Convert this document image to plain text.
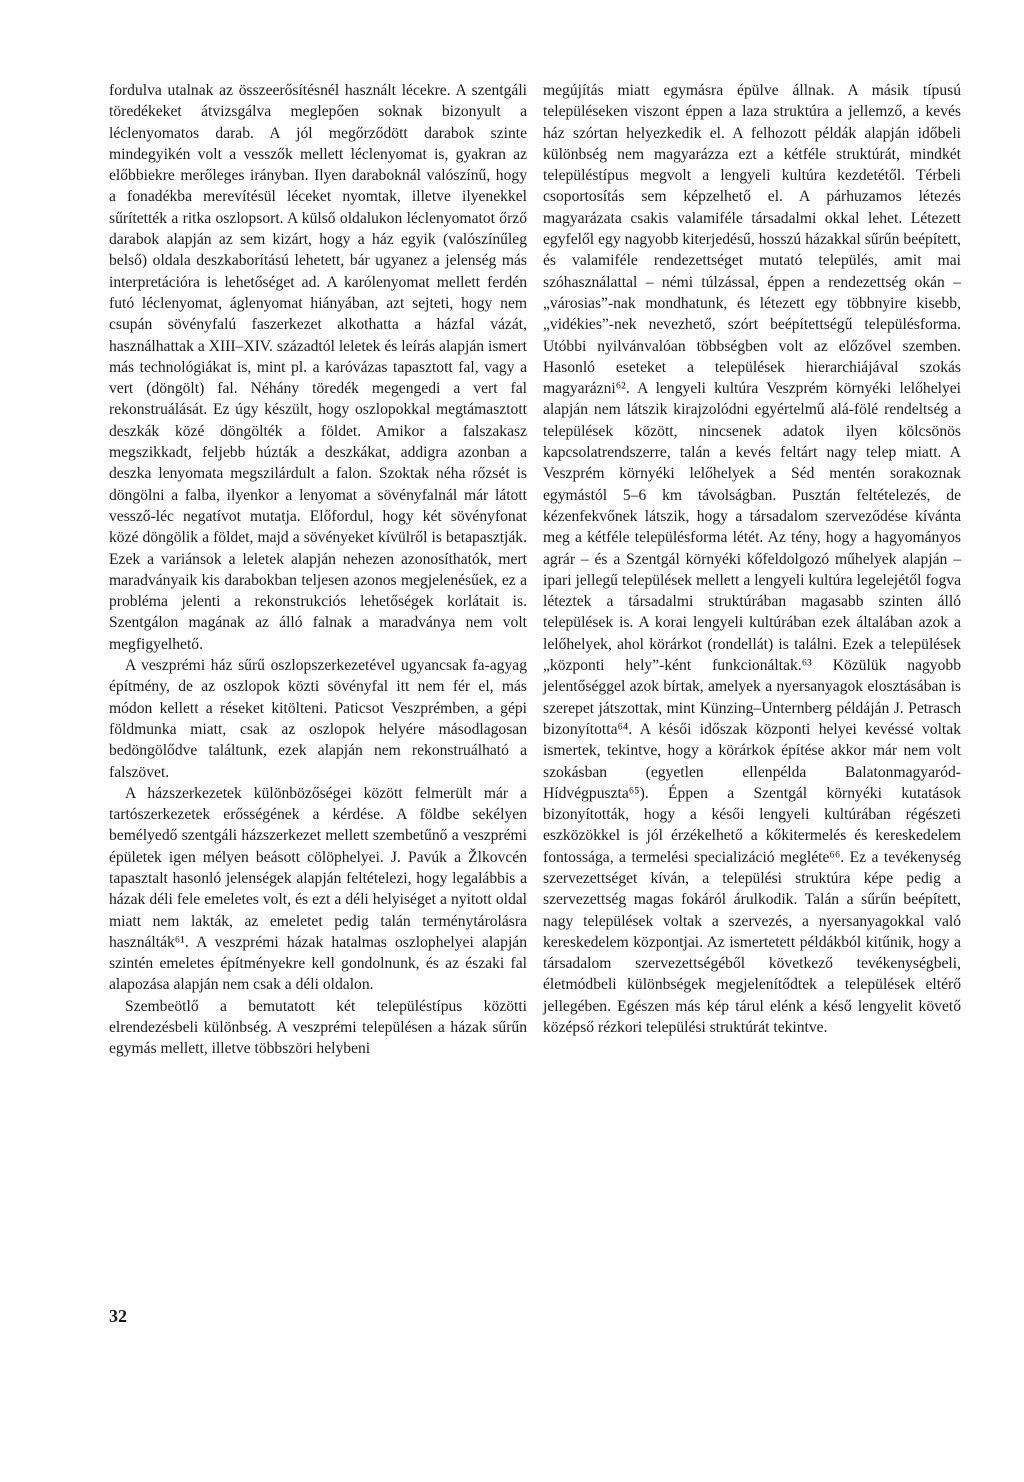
fordulva utalnak az összeerősítésnél használt lécekre. A szentgáli töredékeket átvizsgálva meglepően soknak bizonyult a léclenyomatos darab. A jól megőrződött darabok szinte mindegyikén volt a vesszők mellett léclenyomat is, gyakran az előbbiekre merőleges irányban. Ilyen daraboknál valószínű, hogy a fonadékba merevítésül léceket nyomtak, illetve ilyenekkel sűrítették a ritka oszlopsort. A külső oldalukon léclenyomatot őrző darabok alapján az sem kizárt, hogy a ház egyik (valószínűleg belső) oldala deszkaborítású lehetett, bár ugyanez a jelenség más interpretációra is lehetőséget ad. A karólenyomat mellett ferdén futó léclenyomat, áglenyomat hiányában, azt sejteti, hogy nem csupán sövényfalú faszerkezet alkothatta a házfal vázát, használhattak a XIII–XIV. századtól leletek és leírás alapján ismert más technológiákat is, mint pl. a karóvázas tapasztott fal, vagy a vert (döngölt) fal. Néhány töredék megengedi a vert fal rekonstruálását. Ez úgy készült, hogy oszlopokkal megtámasztott deszkák közé döngölték a földet. Amikor a falszakasz megszikkadt, feljebb húzták a deszkákat, addigra azonban a deszka lenyomata megszilárdult a falon. Szoktak néha rőzsét is döngölni a falba, ilyenkor a lenyomat a sövényfalnál már látott vessző-léc negatívot mutatja. Előfordul, hogy két sövényfonat közé döngölik a földet, majd a sövényeket kívülről is betapasztják. Ezek a variánsok a leletek alapján nehezen azonosíthatók, mert maradványaik kis darabokban teljesen azonos megjelenésűek, ez a probléma jelenti a rekonstrukciós lehetőségek korlátait is. Szentgálon magának az álló falnak a maradványa nem volt megfigyelhető.

A veszprémi ház sűrű oszlopszerkezetével ugyancsak fa-agyag építmény, de az oszlopok közti sövényfal itt nem fér el, más módon kellett a réseket kitölteni. Paticsot Veszprémben, a gépi földmunka miatt, csak az oszlopok helyére másodlagosan bedöngölődve találtunk, ezek alapján nem rekonstruálható a falszövet.

A házszerkezetek különbözőségei között felmerült már a tartószerkezetek erősségének a kérdése. A földbe sekélyen bemélyedő szentgáli házszerkezet mellett szembetűnő a veszprémi épületek igen mélyen beásott cölöphelyei. J. Pavúk a Žlkovcén tapasztalt hasonló jelenségek alapján feltételezi, hogy legalábbis a házak déli fele emeletes volt, és ezt a déli helyiséget a nyitott oldal miatt nem lakták, az emeletet pedig talán terménytárolásra használták⁶¹. A veszprémi házak hatalmas oszlophelyei alapján szintén emeletes építményekre kell gondolnunk, és az északi fal alapozása alapján nem csak a déli oldalon.

Szembeötlő a bemutatott két településtípus közötti elrendezésbeli különbség. A veszprémi településen a házak sűrűn egymás mellett, illetve többszöri helybeni

megújítás miatt egymásra épülve állnak. A másik típusú településeken viszont éppen a laza struktúra a jellemző, a kevés ház szórtan helyezkedik el. A felhozott példák alapján időbeli különbség nem magyarázza ezt a kétféle struktúrát, mindkét településtípus megvolt a lengyeli kultúra kezdetétől. Térbeli csoportosítás sem képzelhető el. A párhuzamos létezés magyarázata csakis valamiféle társadalmi okkal lehet. Létezett egyfelől egy nagyobb kiterjedésű, hosszú házakkal sűrűn beépített, és valamiféle rendezettséget mutató település, amit mai szóhasználattal – némi túlzással, éppen a rendezettség okán – „városias”-nak mondhatunk, és létezett egy többnyire kisebb, „vidékies”-nek nevezhető, szórt beépítettségű településforma. Utóbbi nyilvánvalóan többségben volt az előzővel szemben. Hasonló eseteket a települések hierarchiájával szokás magyarázni⁶². A lengyeli kultúra Veszprém környéki lelőhelyei alapján nem látszik kirajzolódni egyértelmű alá-fölé rendeltség a települések között, nincsenek adatok ilyen kölcsönös kapcsolatrendszerre, talán a kevés feltárt nagy telep miatt. A Veszprém környéki lelőhelyek a Séd mentén sorakoznak egymástól 5–6 km távolságban. Pusztán feltételezés, de kézenfekvőnek látszik, hogy a társadalom szerveződése kívánta meg a kétféle településforma létét. Az tény, hogy a hagyományos agrár – és a Szentgál környéki kőfeldolgozó műhelyek alapján – ipari jellegű települések mellett a lengyeli kultúra legelejétől fogva léteztek a társadalmi struktúrában magasabb szinten álló települések is. A korai lengyeli kultúrában ezek általában azok a lelőhelyek, ahol körárkot (rondellát) is találni. Ezek a települések „központi hely”-ként funkcionáltak.⁶³ Közülük nagyobb jelentőséggel azok bírtak, amelyek a nyersanyagok elosztásában is szerepet játszottak, mint Künzing–Unternberg példáján J. Petrasch bizonyította⁶⁴. A késői időszak központi helyei kevéssé voltak ismertek, tekintve, hogy a körárkok építése akkor már nem volt szokásban (egyetlen ellenpélda Balatonmagyaród-Hídvégpuszta⁶⁵). Éppen a Szentgál környéki kutatások bizonyították, hogy a késői lengyeli kultúrában régészeti eszközökkel is jól érzékelhető a kőkitermelés és kereskedelem fontossága, a termelési specializáció megléte⁶⁶. Ez a tevékenység szervezettséget kíván, a települési struktúra képe pedig a szervezettség magas fokáról árulkodik. Talán a sűrűn beépített, nagy települések voltak a szervezés, a nyersanyagokkal való kereskedelem központjai. Az ismertetett példákból kitűnik, hogy a társadalom szervezettségéből következő tevékenységbeli, életmódbeli különbségek megjelenítődtek a települések eltérő jellegében. Egészen más kép tárul elénk a késő lengyelit követő középső rézkori települési struktúrát tekintve.

32
